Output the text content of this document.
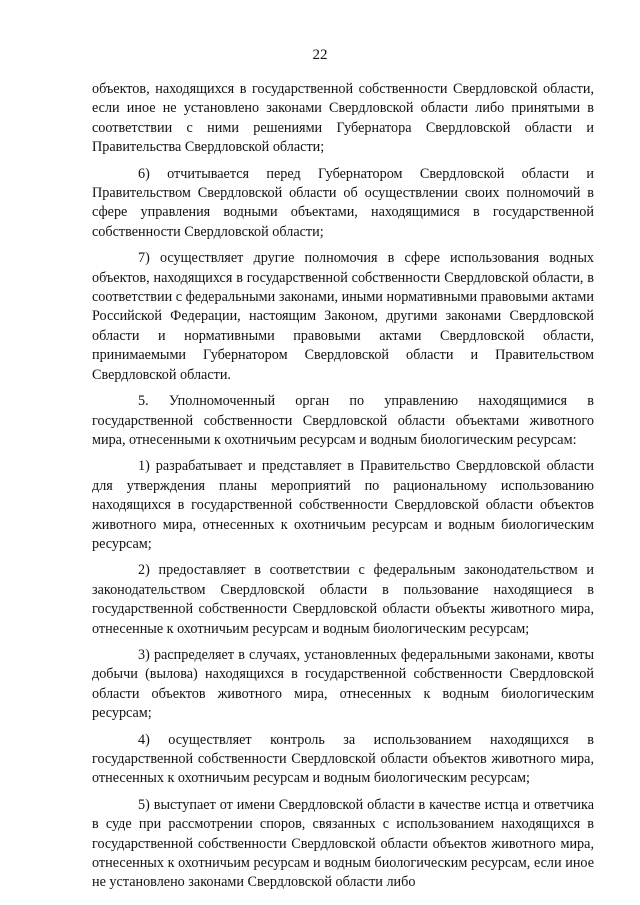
22

объектов, находящихся в государственной собственности Свердловской области, если иное не установлено законами Свердловской области либо принятыми в соответствии с ними решениями Губернатора Свердловской области и Правительства Свердловской области;

6) отчитывается перед Губернатором Свердловской области и Правительством Свердловской области об осуществлении своих полномочий в сфере управления водными объектами, находящимися в государственной собственности Свердловской области;

7) осуществляет другие полномочия в сфере использования водных объектов, находящихся в государственной собственности Свердловской области, в соответствии с федеральными законами, иными нормативными правовыми актами Российской Федерации, настоящим Законом, другими законами Свердловской области и нормативными правовыми актами Свердловской области, принимаемыми Губернатором Свердловской области и Правительством Свердловской области.

5. Уполномоченный орган по управлению находящимися в государственной собственности Свердловской области объектами животного мира, отнесенными к охотничьим ресурсам и водным биологическим ресурсам:

1) разрабатывает и представляет в Правительство Свердловской области для утверждения планы мероприятий по рациональному использованию находящихся в государственной собственности Свердловской области объектов животного мира, отнесенных к охотничьим ресурсам и водным биологическим ресурсам;

2) предоставляет в соответствии с федеральным законодательством и законодательством Свердловской области в пользование находящиеся в государственной собственности Свердловской области объекты животного мира, отнесенные к охотничьим ресурсам и водным биологическим ресурсам;

3) распределяет в случаях, установленных федеральными законами, квоты добычи (вылова) находящихся в государственной собственности Свердловской области объектов животного мира, отнесенных к водным биологическим ресурсам;

4) осуществляет контроль за использованием находящихся в государственной собственности Свердловской области объектов животного мира, отнесенных к охотничьим ресурсам и водным биологическим ресурсам;

5) выступает от имени Свердловской области в качестве истца и ответчика в суде при рассмотрении споров, связанных с использованием находящихся в государственной собственности Свердловской области объектов животного мира, отнесенных к охотничьим ресурсам и водным биологическим ресурсам, если иное не установлено законами Свердловской области либо
